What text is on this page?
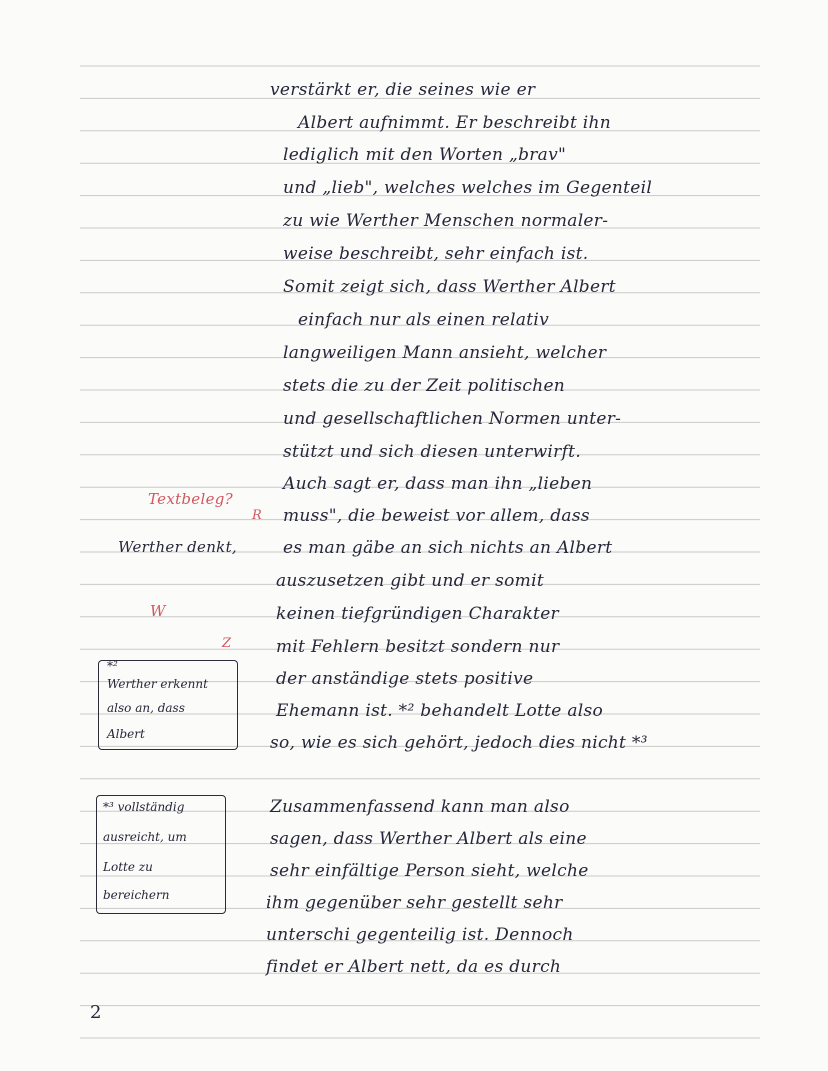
verstärkt er, die seines wie er
Albert aufnimmt. Er beschreibt ihn
lediglich mit den Worten „brav"
und „lieb", welches welches im Gegenteil
zu wie Werther Menschen normaler-
weise beschreibt, sehr einfach ist.
Somit zeigt sich, dass Werther Albert
einfach nur als einen relativ
langweiligen Mann ansieht, welcher
stets die zu der Zeit politischen
und gesellschaftlichen Normen unter-
stützt und sich diesen unterwirft.
Auch sagt er, dass man ihn „lieben
muss", die beweist vor allem, dass
es man gäbe an sich nichts an Albert
auszusetzen gibt und er somit
keinen tiefgründigen Charakter
mit Fehlern besitzt sondern nur
der anständige stets positive
Ehemann ist. *² behandelt Lotte also
so, wie es sich gehört, jedoch dies nicht *³
Zusammenfassend kann man also
sagen, dass Werther Albert als eine
sehr einfältige Person sieht, welche
ihm gegenüber sehr gestellt sehr
unterschi gegenteilig ist. Dennoch
findet er Albert nett, da es durch
Textbeleg?
R
Werther denkt,
W
Z
*²
Werther erkennt
also an, dass
Albert
*³ vollständig
ausreicht, um
Lotte zu
bereichern
2
